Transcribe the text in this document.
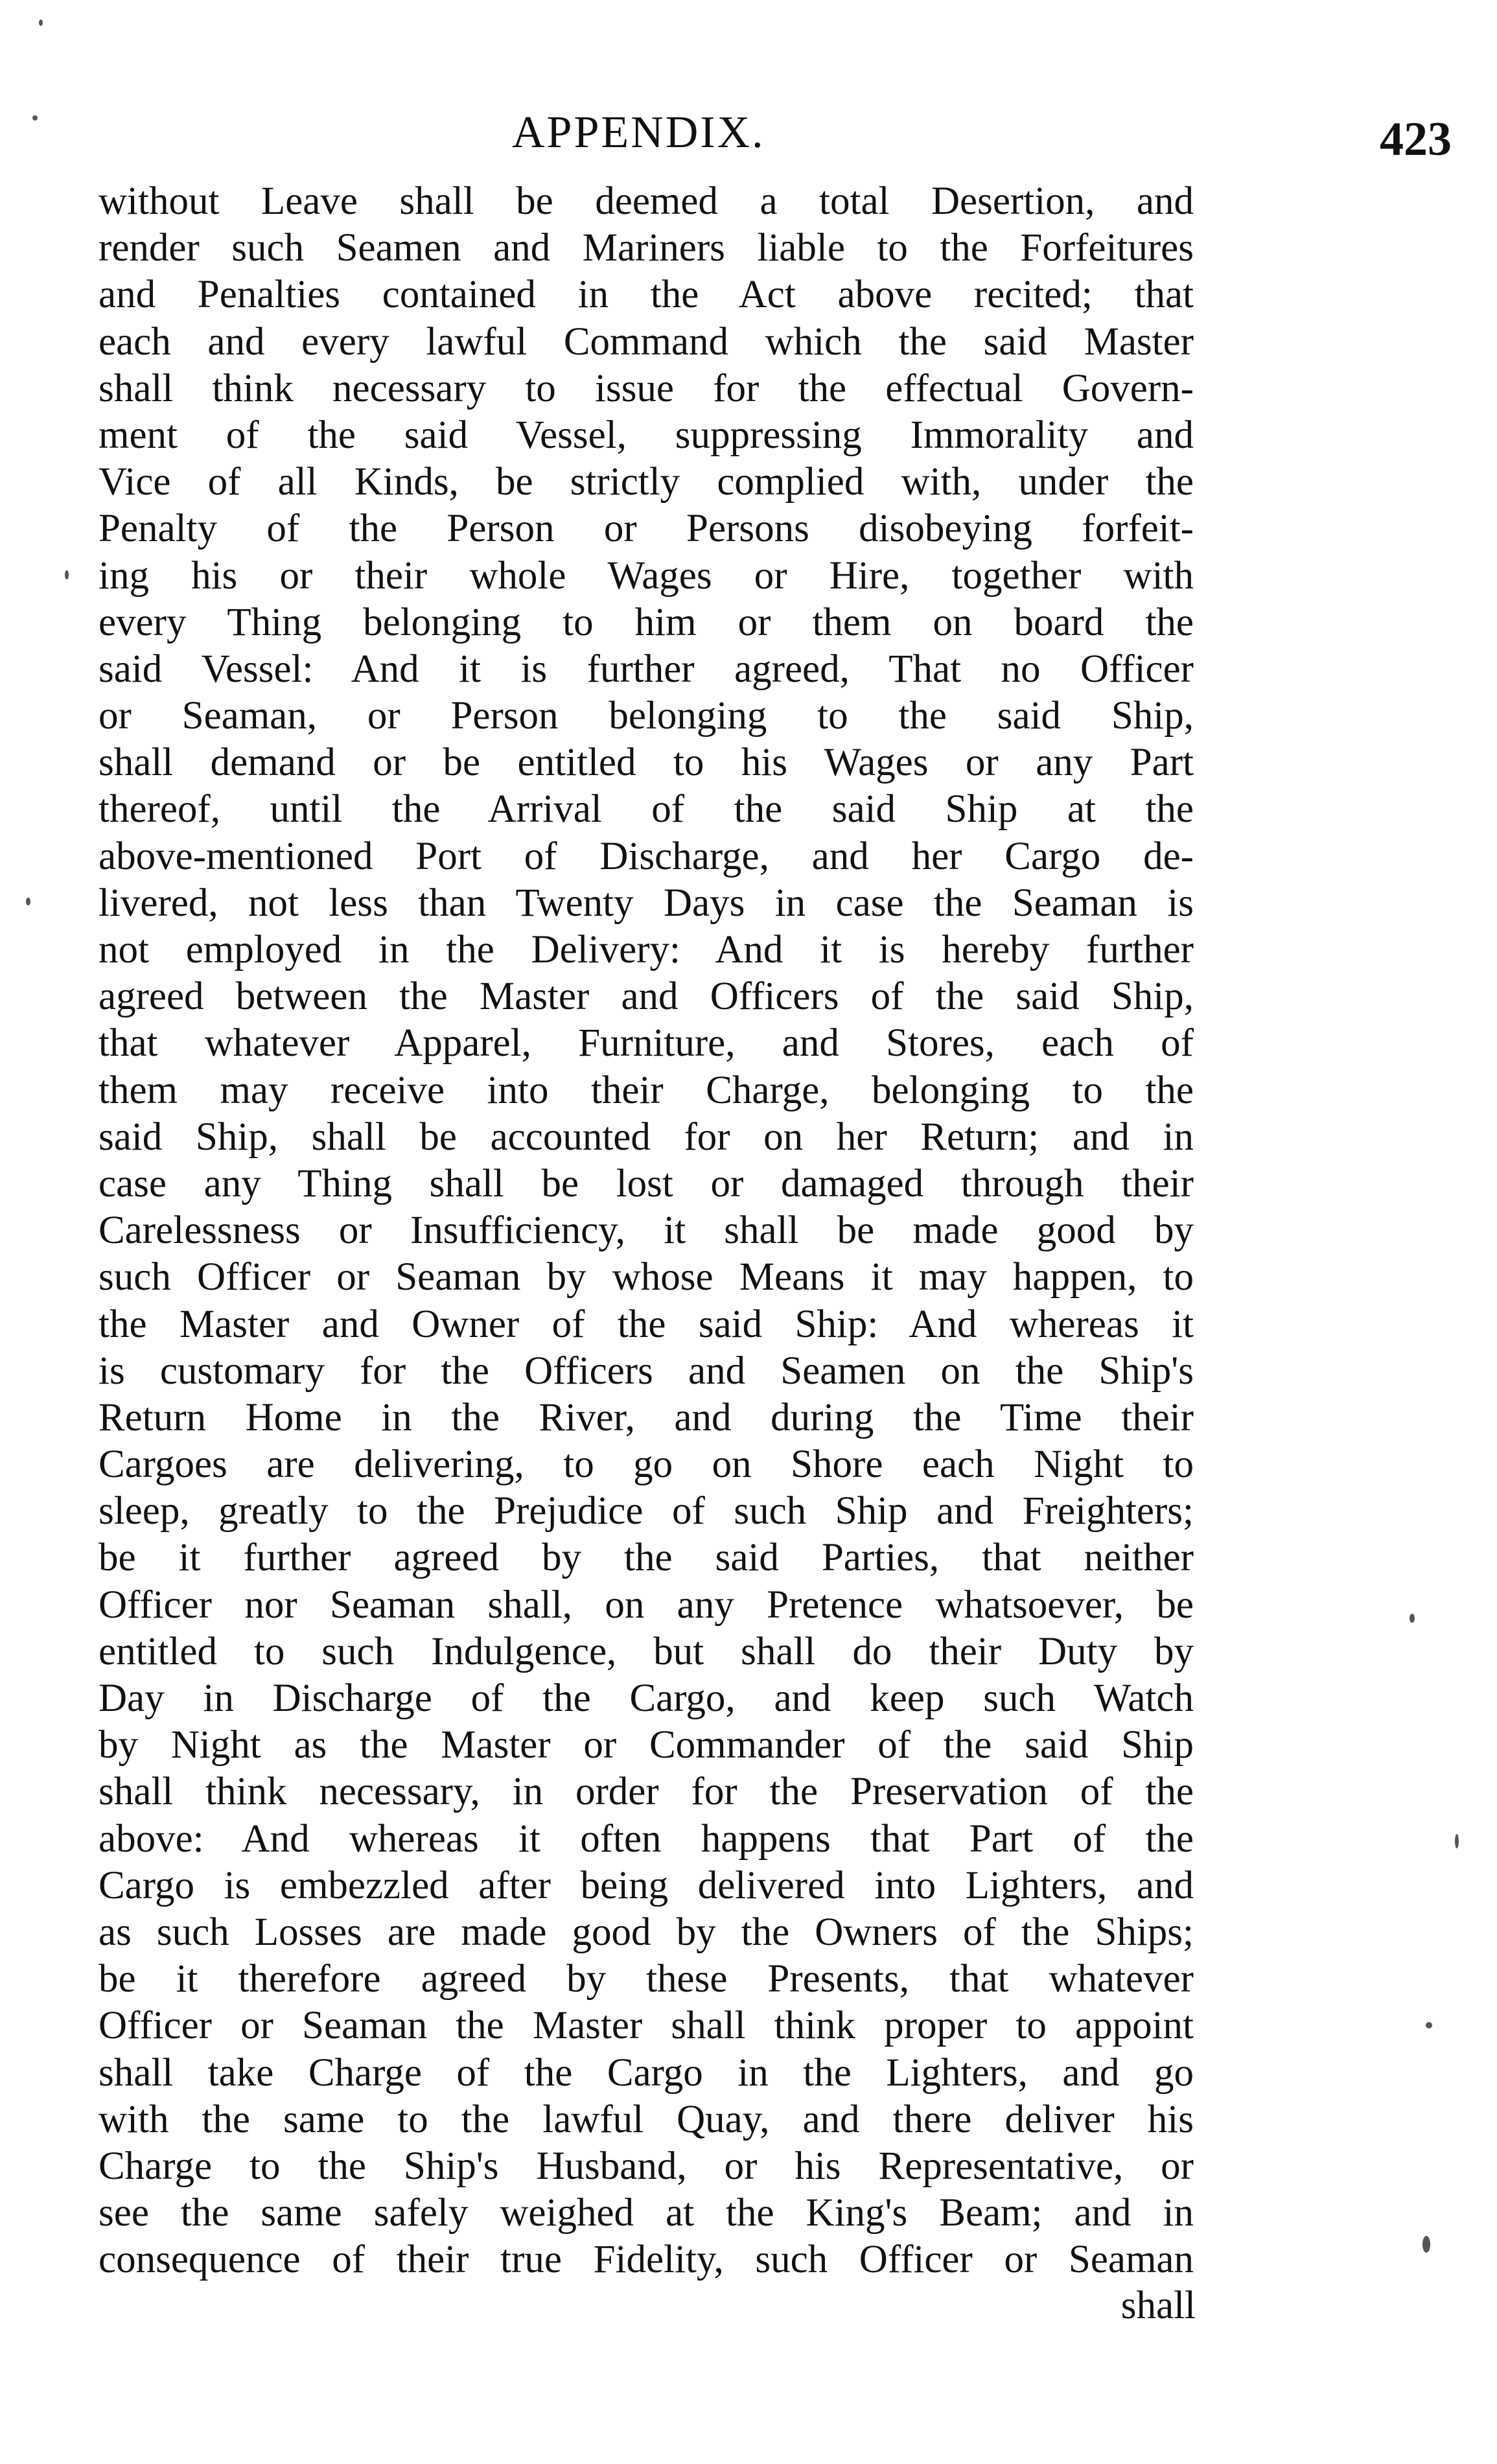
APPENDIX.	423
without Leave shall be deemed a total Desertion, and
render such Seamen and Mariners liable to the Forfeitures
and Penalties contained in the Act above recited; that
each and every lawful Command which the said Master
shall think necessary to issue for the effectual Govern-
ment of the said Vessel, suppressing Immorality and
Vice of all Kinds, be strictly complied with, under the
Penalty of the Person or Persons disobeying forfeit-
ing his or their whole Wages or Hire, together with
every Thing belonging to him or them on board the
said Vessel: And it is further agreed, That no Officer
or Seaman, or Person belonging to the said Ship,
shall demand or be entitled to his Wages or any Part
thereof, until the Arrival of the said Ship at the
above-mentioned Port of Discharge, and her Cargo de-
livered, not less than Twenty Days in case the Seaman is
not employed in the Delivery: And it is hereby further
agreed between the Master and Officers of the said Ship,
that whatever Apparel, Furniture, and Stores, each of
them may receive into their Charge, belonging to the
said Ship, shall be accounted for on her Return; and in
case any Thing shall be lost or damaged through their
Carelessness or Insufficiency, it shall be made good by
such Officer or Seaman by whose Means it may happen, to
the Master and Owner of the said Ship: And whereas it
is customary for the Officers and Seamen on the Ship's
Return Home in the River, and during the Time their
Cargoes are delivering, to go on Shore each Night to
sleep, greatly to the Prejudice of such Ship and Freighters;
be it further agreed by the said Parties, that neither
Officer nor Seaman shall, on any Pretence whatsoever, be
entitled to such Indulgence, but shall do their Duty by
Day in Discharge of the Cargo, and keep such Watch
by Night as the Master or Commander of the said Ship
shall think necessary, in order for the Preservation of the
above: And whereas it often happens that Part of the
Cargo is embezzled after being delivered into Lighters, and
as such Losses are made good by the Owners of the Ships;
be it therefore agreed by these Presents, that whatever
Officer or Seaman the Master shall think proper to appoint
shall take Charge of the Cargo in the Lighters, and go
with the same to the lawful Quay, and there deliver his
Charge to the Ship's Husband, or his Representative, or
see the same safely weighed at the King's Beam; and in
consequence of their true Fidelity, such Officer or Seaman
shall
